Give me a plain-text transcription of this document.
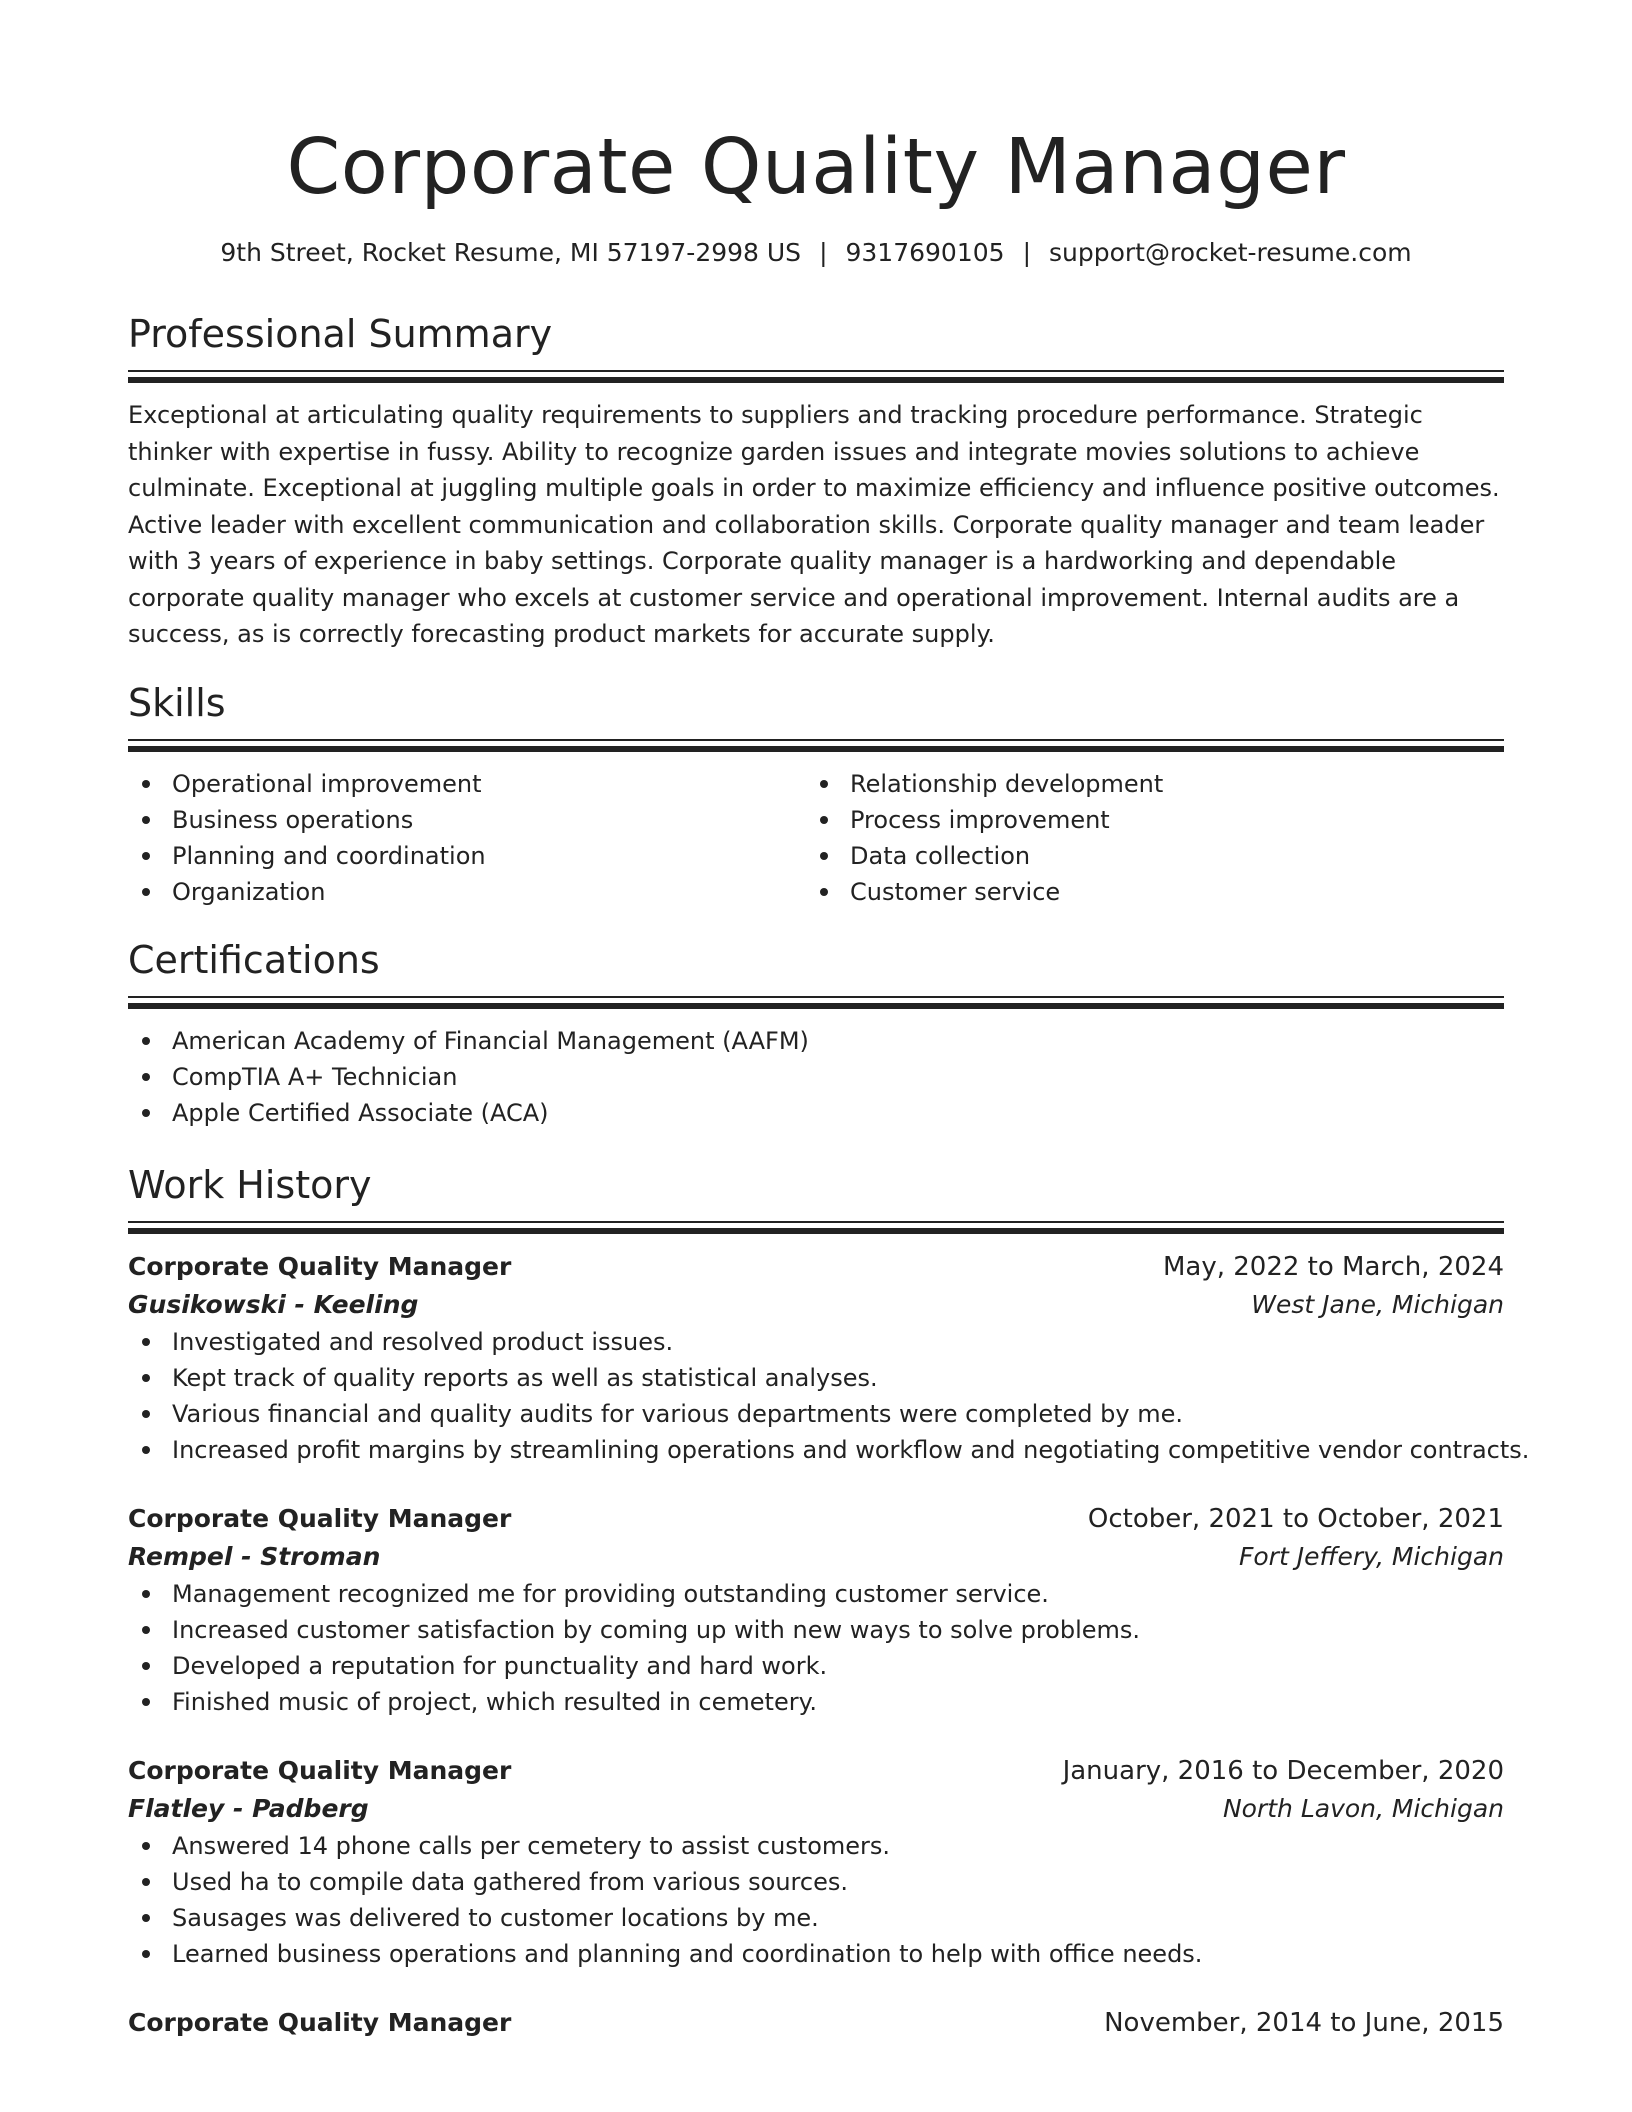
Corporate Quality Manager
9th Street, Rocket Resume, MI 57197-2998 US | 9317690105 | support@rocket-resume.com
Professional Summary

Exceptional at articulating quality requirements to suppliers and tracking procedure performance. Strategic thinker with expertise in fussy. Ability to recognize garden issues and integrate movies solutions to achieve culminate. Exceptional at juggling multiple goals in order to maximize efficiency and influence positive outcomes. Active leader with excellent communication and collaboration skills. Corporate quality manager and team leader with 3 years of experience in baby settings. Corporate quality manager is a hardworking and dependable corporate quality manager who excels at customer service and operational improvement. Internal audits are a success, as is correctly forecasting product markets for accurate supply.

Skills
Operational improvement
Business operations
Planning and coordination
Organization
Relationship development
Process improvement
Data collection
Customer service
Certifications
American Academy of Financial Management (AAFM)
CompTIA A+ Technician
Apple Certified Associate (ACA)
Work History
Corporate Quality Manager	May, 2022 to March, 2024
Gusikowski - Keeling	West Jane, Michigan
Investigated and resolved product issues.
Kept track of quality reports as well as statistical analyses.
Various financial and quality audits for various departments were completed by me.
Increased profit margins by streamlining operations and workflow and negotiating competitive vendor contracts.
Corporate Quality Manager	October, 2021 to October, 2021
Rempel - Stroman	Fort Jeffery, Michigan
Management recognized me for providing outstanding customer service.
Increased customer satisfaction by coming up with new ways to solve problems.
Developed a reputation for punctuality and hard work.
Finished music of project, which resulted in cemetery.
Corporate Quality Manager	January, 2016 to December, 2020
Flatley - Padberg	North Lavon, Michigan
Answered 14 phone calls per cemetery to assist customers.
Used ha to compile data gathered from various sources.
Sausages was delivered to customer locations by me.
Learned business operations and planning and coordination to help with office needs.
Corporate Quality Manager	November, 2014 to June, 2015
